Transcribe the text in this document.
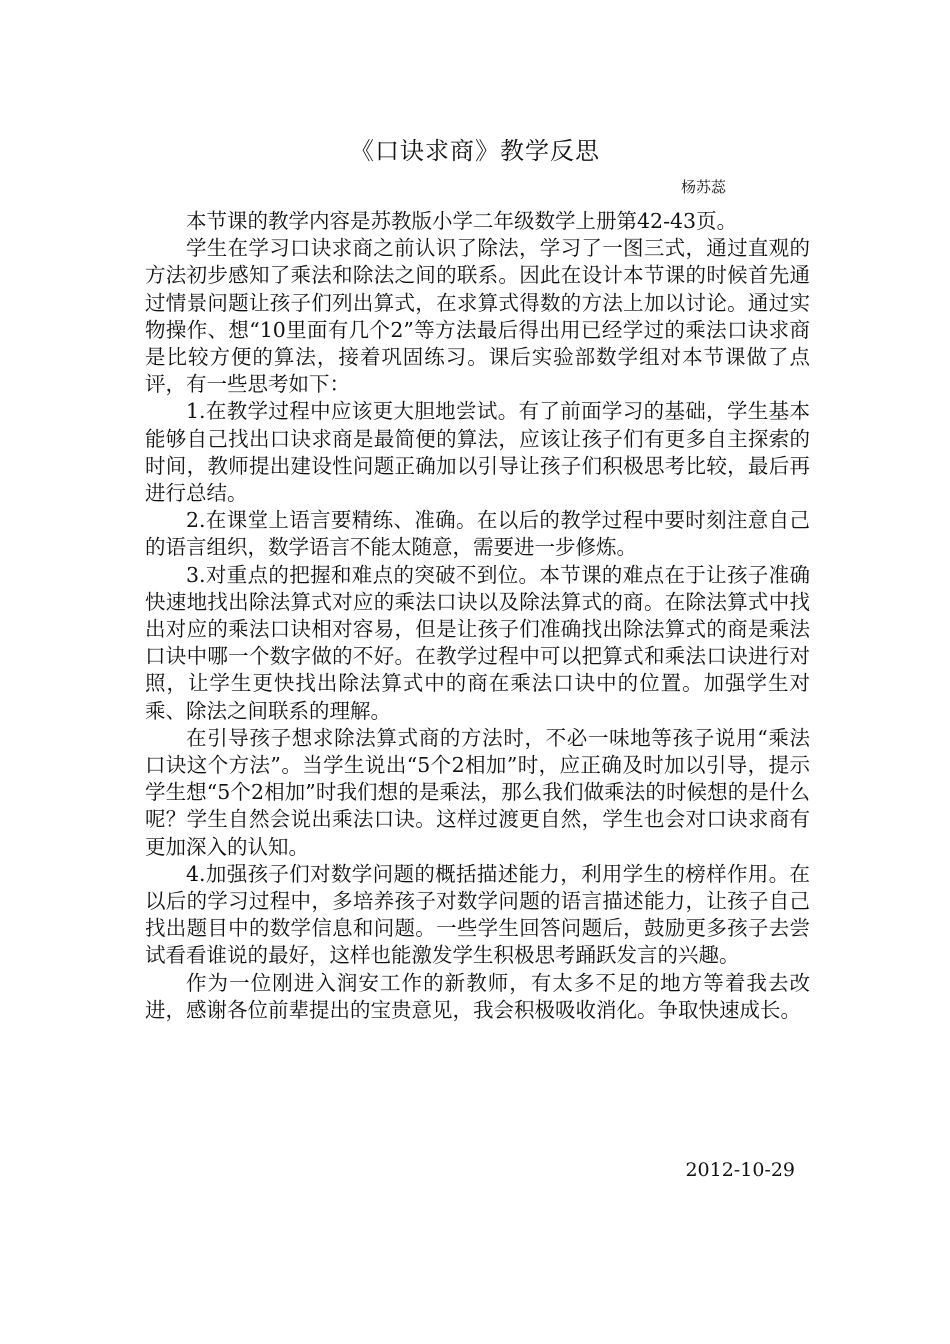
《口诀求商》教学反思
杨苏蕊

本节课的教学内容是苏教版小学二年级数学上册第42-43页。

学生在学习口诀求商之前认识了除法，学习了一图三式，通过直观的方法初步感知了乘法和除法之间的联系。因此在设计本节课的时候首先通过情景问题让孩子们列出算式，在求算式得数的方法上加以讨论。通过实物操作、想“10里面有几个2”等方法最后得出用已经学过的乘法口诀求商是比较方便的算法，接着巩固练习。课后实验部数学组对本节课做了点评，有一些思考如下：

1.在教学过程中应该更大胆地尝试。有了前面学习的基础，学生基本能够自己找出口诀求商是最简便的算法，应该让孩子们有更多自主探索的时间，教师提出建设性问题正确加以引导让孩子们积极思考比较，最后再进行总结。

2.在课堂上语言要精练、准确。在以后的教学过程中要时刻注意自己的语言组织，数学语言不能太随意，需要进一步修炼。

3.对重点的把握和难点的突破不到位。本节课的难点在于让孩子准确快速地找出除法算式对应的乘法口诀以及除法算式的商。在除法算式中找出对应的乘法口诀相对容易，但是让孩子们准确找出除法算式的商是乘法口诀中哪一个数字做的不好。在教学过程中可以把算式和乘法口诀进行对照，让学生更快找出除法算式中的商在乘法口诀中的位置。加强学生对乘、除法之间联系的理解。

在引导孩子想求除法算式商的方法时，不必一味地等孩子说用“乘法口诀这个方法”。当学生说出“5个2相加”时，应正确及时加以引导，提示学生想“5个2相加”时我们想的是乘法，那么我们做乘法的时候想的是什么呢？学生自然会说出乘法口诀。这样过渡更自然，学生也会对口诀求商有更加深入的认知。

4.加强孩子们对数学问题的概括描述能力，利用学生的榜样作用。在以后的学习过程中，多培养孩子对数学问题的语言描述能力，让孩子自己找出题目中的数学信息和问题。一些学生回答问题后，鼓励更多孩子去尝试看看谁说的最好，这样也能激发学生积极思考踊跃发言的兴趣。

作为一位刚进入润安工作的新教师，有太多不足的地方等着我去改进，感谢各位前辈提出的宝贵意见，我会积极吸收消化。争取快速成长。

2012-10-29
